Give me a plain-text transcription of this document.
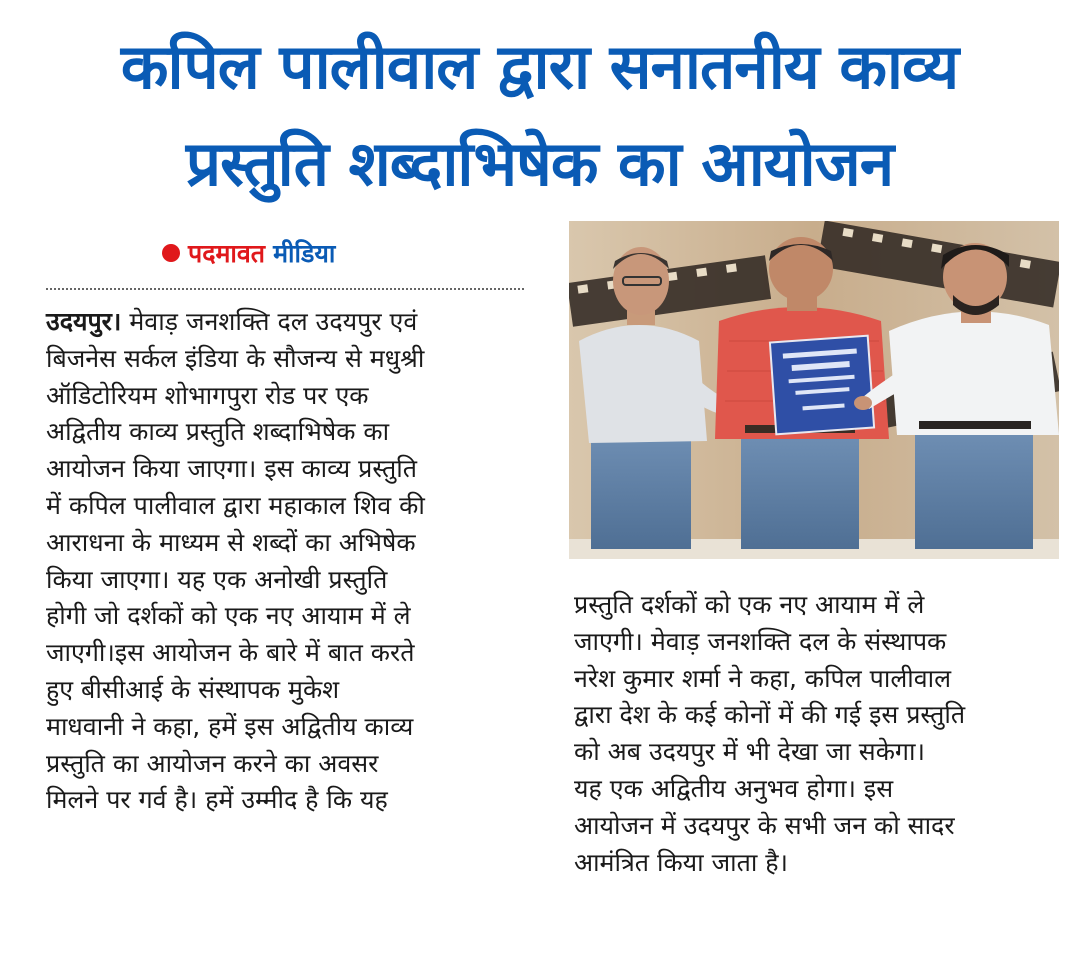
कपिल पालीवाल द्वारा सनातनीय काव्य
प्रस्तुति शब्दाभिषेक का आयोजन
पदमावत मीडिया
उदयपुर। मेवाड़ जनशक्ति दल उदयपुर एवं
बिजनेस सर्कल इंडिया के सौजन्य से मधुश्री
ऑडिटोरियम शोभागपुरा रोड पर एक
अद्वितीय काव्य प्रस्तुति शब्दाभिषेक का
आयोजन किया जाएगा। इस काव्य प्रस्तुति
में कपिल पालीवाल द्वारा महाकाल शिव की
आराधना के माध्यम से शब्दों का अभिषेक
किया जाएगा। यह एक अनोखी प्रस्तुति
होगी जो दर्शकों को एक नए आयाम में ले
जाएगी।इस आयोजन के बारे में बात करते
हुए बीसीआई के संस्थापक मुकेश
माधवानी ने कहा, हमें इस अद्वितीय काव्य
प्रस्तुति का आयोजन करने का अवसर
मिलने पर गर्व है। हमें उम्मीद है कि यह
प्रस्तुति दर्शकों को एक नए आयाम में ले
जाएगी। मेवाड़ जनशक्ति दल के संस्थापक
नरेश कुमार शर्मा ने कहा, कपिल पालीवाल
द्वारा देश के कई कोनों में की गई इस प्रस्तुति
को अब उदयपुर में भी देखा जा सकेगा।
यह एक अद्वितीय अनुभव होगा। इस
आयोजन में उदयपुर के सभी जन को सादर
आमंत्रित किया जाता है।
